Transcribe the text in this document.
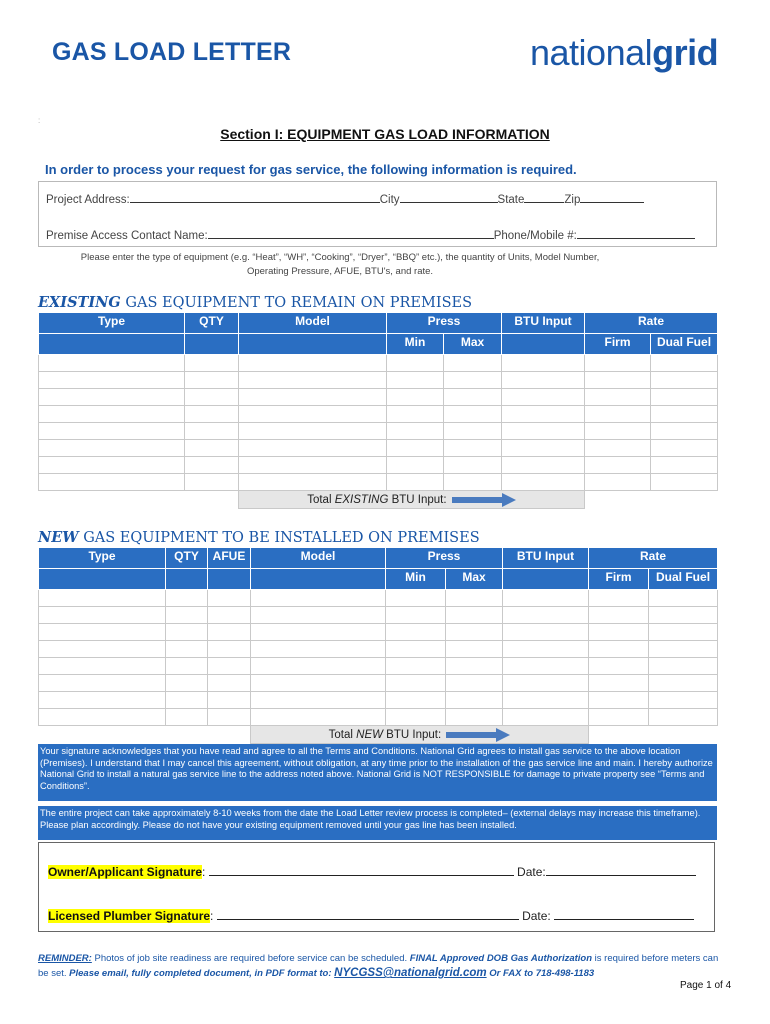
GAS LOAD LETTER	nationalgrid
:
Section I: EQUIPMENT GAS LOAD INFORMATION
In order to process your request for gas service, the following information is required.
Project Address:	City	State	Zip
Premise Access Contact Name:	Phone/Mobile #:
Please enter the type of equipment (e.g. “Heat”, “WH”, “Cooking”, “Dryer”, “BBQ” etc.), the quantity of Units, Model Number, Operating Pressure, AFUE, BTU's, and rate.
EXISTING GAS EQUIPMENT TO REMAIN ON PREMISES
Type	QTY	Model	Press		BTU Input	Rate	
			Min	Max		Firm	Dual Fuel

		Total EXISTING BTU Input:					
NEW GAS EQUIPMENT TO BE INSTALLED ON PREMISES
Type	QTY	AFUE	Model	Press		BTU Input	Rate	
				Min	Max		Firm	Dual Fuel

			Total NEW BTU Input:					
Your signature acknowledges that you have read and agree to all the Terms and Conditions. National Grid agrees to install gas service to the above location (Premises). I understand that I may cancel this agreement, without obligation, at any time prior to the installation of the gas service line and main. I hereby authorize National Grid to install a natural gas service line to the address noted above. National Grid is NOT RESPONSIBLE for damage to private property see “Terms and Conditions”.
The entire project can take approximately 8-10 weeks from the date the Load Letter review process is completed– (external delays may increase this timeframe). Please plan accordingly. Please do not have your existing equipment removed until your gas line has been installed.
Owner/Applicant Signature:	Date:
Licensed Plumber Signature:	Date:
REMINDER: Photos of job site readiness are required before service can be scheduled. FINAL Approved DOB Gas Authorization is required before meters can be set. Please email, fully completed document, in PDF format to: NYCGSS@nationalgrid.com Or FAX to 718-498-1183
Page 1 of 4
